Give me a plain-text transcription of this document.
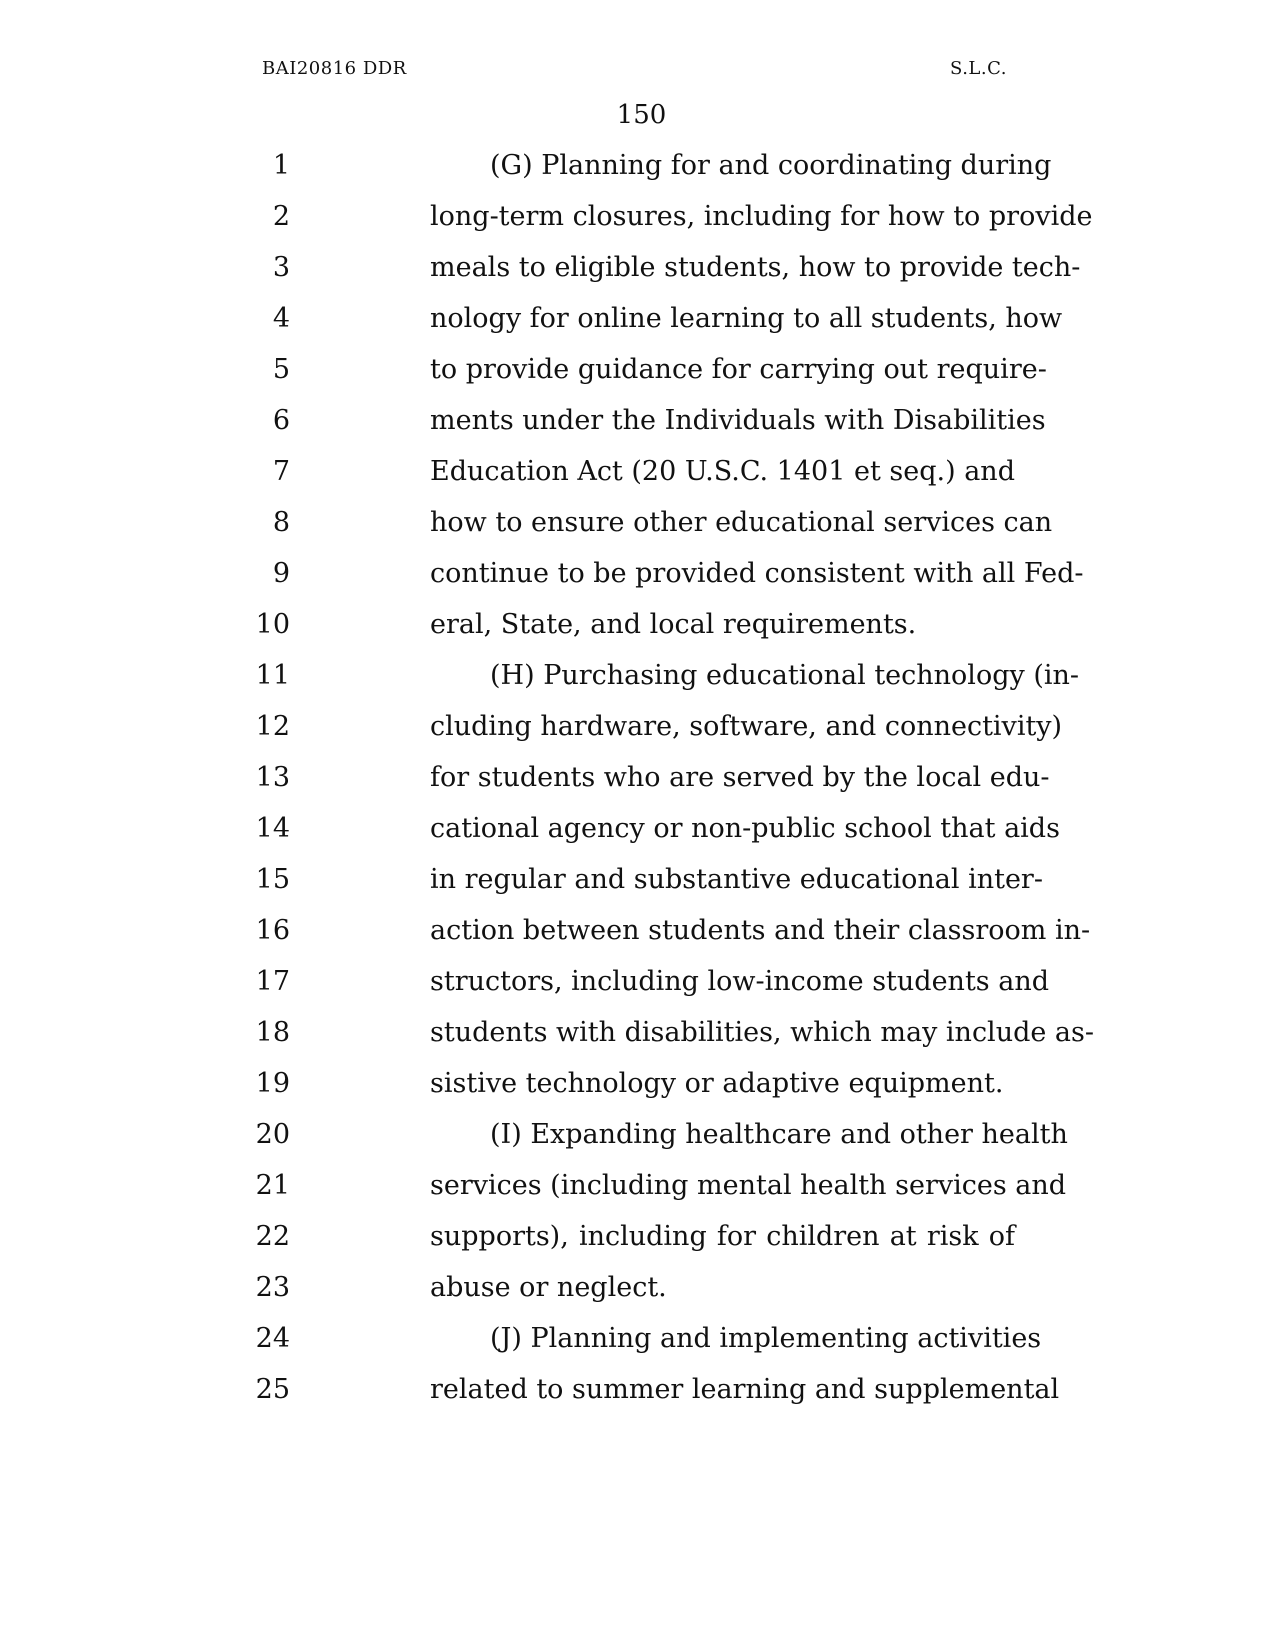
BAI20816 DDR	S.L.C.
150
1	(G) Planning for and coordinating during
2	long-term closures, including for how to provide
3	meals to eligible students, how to provide tech-
4	nology for online learning to all students, how
5	to provide guidance for carrying out require-
6	ments under the Individuals with Disabilities
7	Education Act (20 U.S.C. 1401 et seq.) and
8	how to ensure other educational services can
9	continue to be provided consistent with all Fed-
10	eral, State, and local requirements.
11	(H) Purchasing educational technology (in-
12	cluding hardware, software, and connectivity)
13	for students who are served by the local edu-
14	cational agency or non-public school that aids
15	in regular and substantive educational inter-
16	action between students and their classroom in-
17	structors, including low-income students and
18	students with disabilities, which may include as-
19	sistive technology or adaptive equipment.
20	(I) Expanding healthcare and other health
21	services (including mental health services and
22	supports), including for children at risk of
23	abuse or neglect.
24	(J) Planning and implementing activities
25	related to summer learning and supplemental
